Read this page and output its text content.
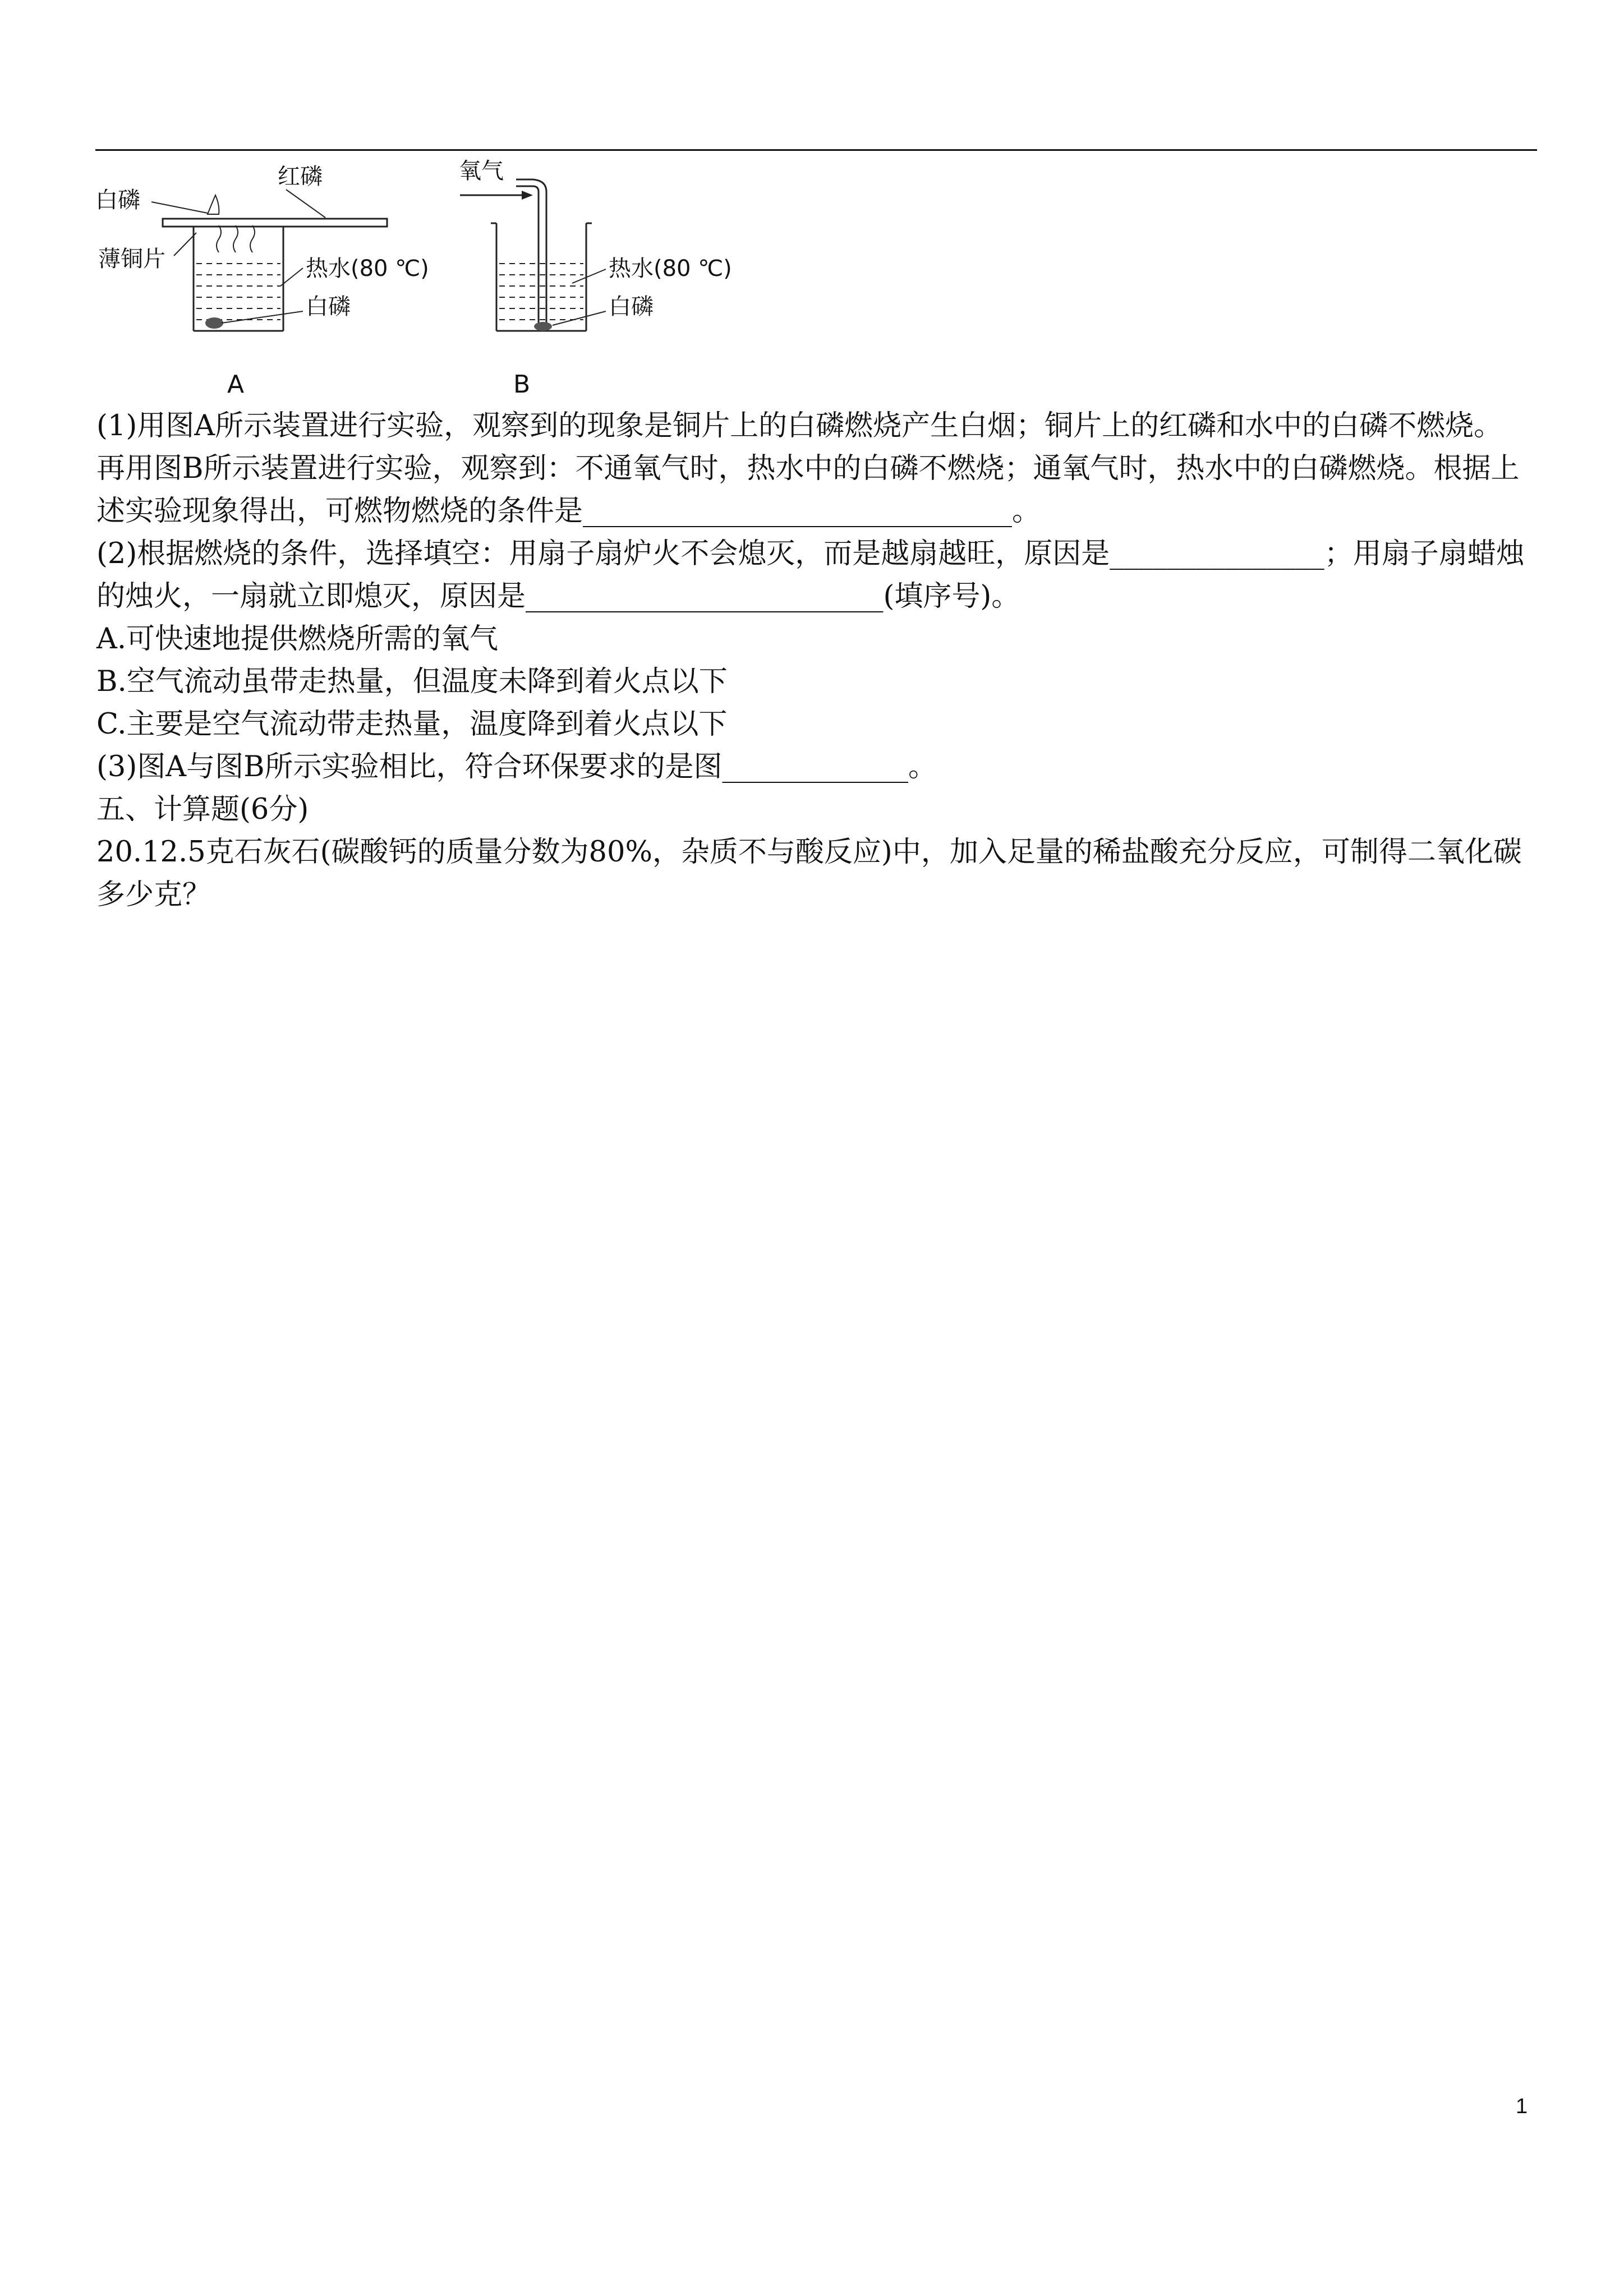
白磷
红磷
薄铜片	热水(80 ℃)
白磷
A
氧气
热水(80 ℃)
白磷
B

(1)用图A所示装置进行实验，观察到的现象是铜片上的白磷燃烧产生白烟；铜片上的红磷和水中的白磷不燃烧。

再用图B所示装置进行实验，观察到：不通氧气时，热水中的白磷不燃烧；通氧气时，热水中的白磷燃烧。根据上

述实验现象得出，可燃物燃烧的条件是______________________________。

(2)根据燃烧的条件，选择填空：用扇子扇炉火不会熄灭，而是越扇越旺，原因是_______________；用扇子扇蜡烛

的烛火，一扇就立即熄灭，原因是_________________________(填序号)。

A.可快速地提供燃烧所需的氧气

B.空气流动虽带走热量，但温度未降到着火点以下

C.主要是空气流动带走热量，温度降到着火点以下

(3)图A与图B所示实验相比，符合环保要求的是图_____________。

五、计算题(6分)

20.12.5克石灰石(碳酸钙的质量分数为80%，杂质不与酸反应)中，加入足量的稀盐酸充分反应，可制得二氧化碳多少克？

1
